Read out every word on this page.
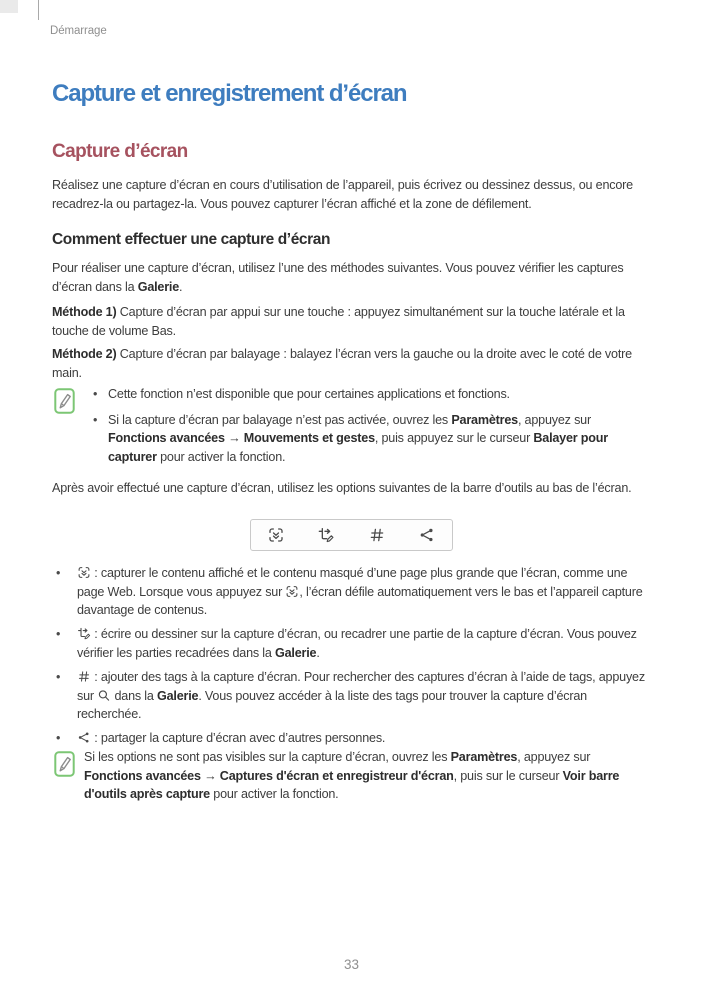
Démarrage
Capture et enregistrement d’écran
Capture d’écran

Réalisez une capture d’écran en cours d’utilisation de l’appareil, puis écrivez ou dessinez dessus, ou encore recadrez-la ou partagez-la. Vous pouvez capturer l’écran affiché et la zone de défilement.

Comment effectuer une capture d’écran

Pour réaliser une capture d’écran, utilisez l’une des méthodes suivantes. Vous pouvez vérifier les captures d’écran dans la Galerie.

Méthode 1) Capture d’écran par appui sur une touche : appuyez simultanément sur la touche latérale et la touche de volume Bas.

Méthode 2) Capture d’écran par balayage : balayez l’écran vers la gauche ou la droite avec le coté de votre main.

• Cette fonction n’est disponible que pour certaines applications et fonctions.
• Si la capture d’écran par balayage n’est pas activée, ouvrez les Paramètres, appuyez sur Fonctions avancées → Mouvements et gestes, puis appuyez sur le curseur Balayer pour capturer pour activer la fonction.

Après avoir effectué une capture d’écran, utilisez les options suivantes de la barre d’outils au bas de l’écran.

•
: capturer le contenu affiché et le contenu masqué d’une page plus grande que l’écran, comme une page Web. Lorsque vous appuyez sur
, l’écran défile automatiquement vers le bas et l’appareil capture davantage de contenus.
•
: écrire ou dessiner sur la capture d’écran, ou recadrer une partie de la capture d’écran. Vous pouvez vérifier les parties recadrées dans la Galerie.
•
: ajouter des tags à la capture d’écran. Pour rechercher des captures d’écran à l’aide de tags, appuyez sur
dans la Galerie. Vous pouvez accéder à la liste des tags pour trouver la capture d’écran recherchée.
•
: partager la capture d’écran avec d’autres personnes.
Si les options ne sont pas visibles sur la capture d’écran, ouvrez les Paramètres, appuyez sur Fonctions avancées → Captures d'écran et enregistreur d'écran, puis sur le curseur Voir barre d'outils après capture pour activer la fonction.
33
